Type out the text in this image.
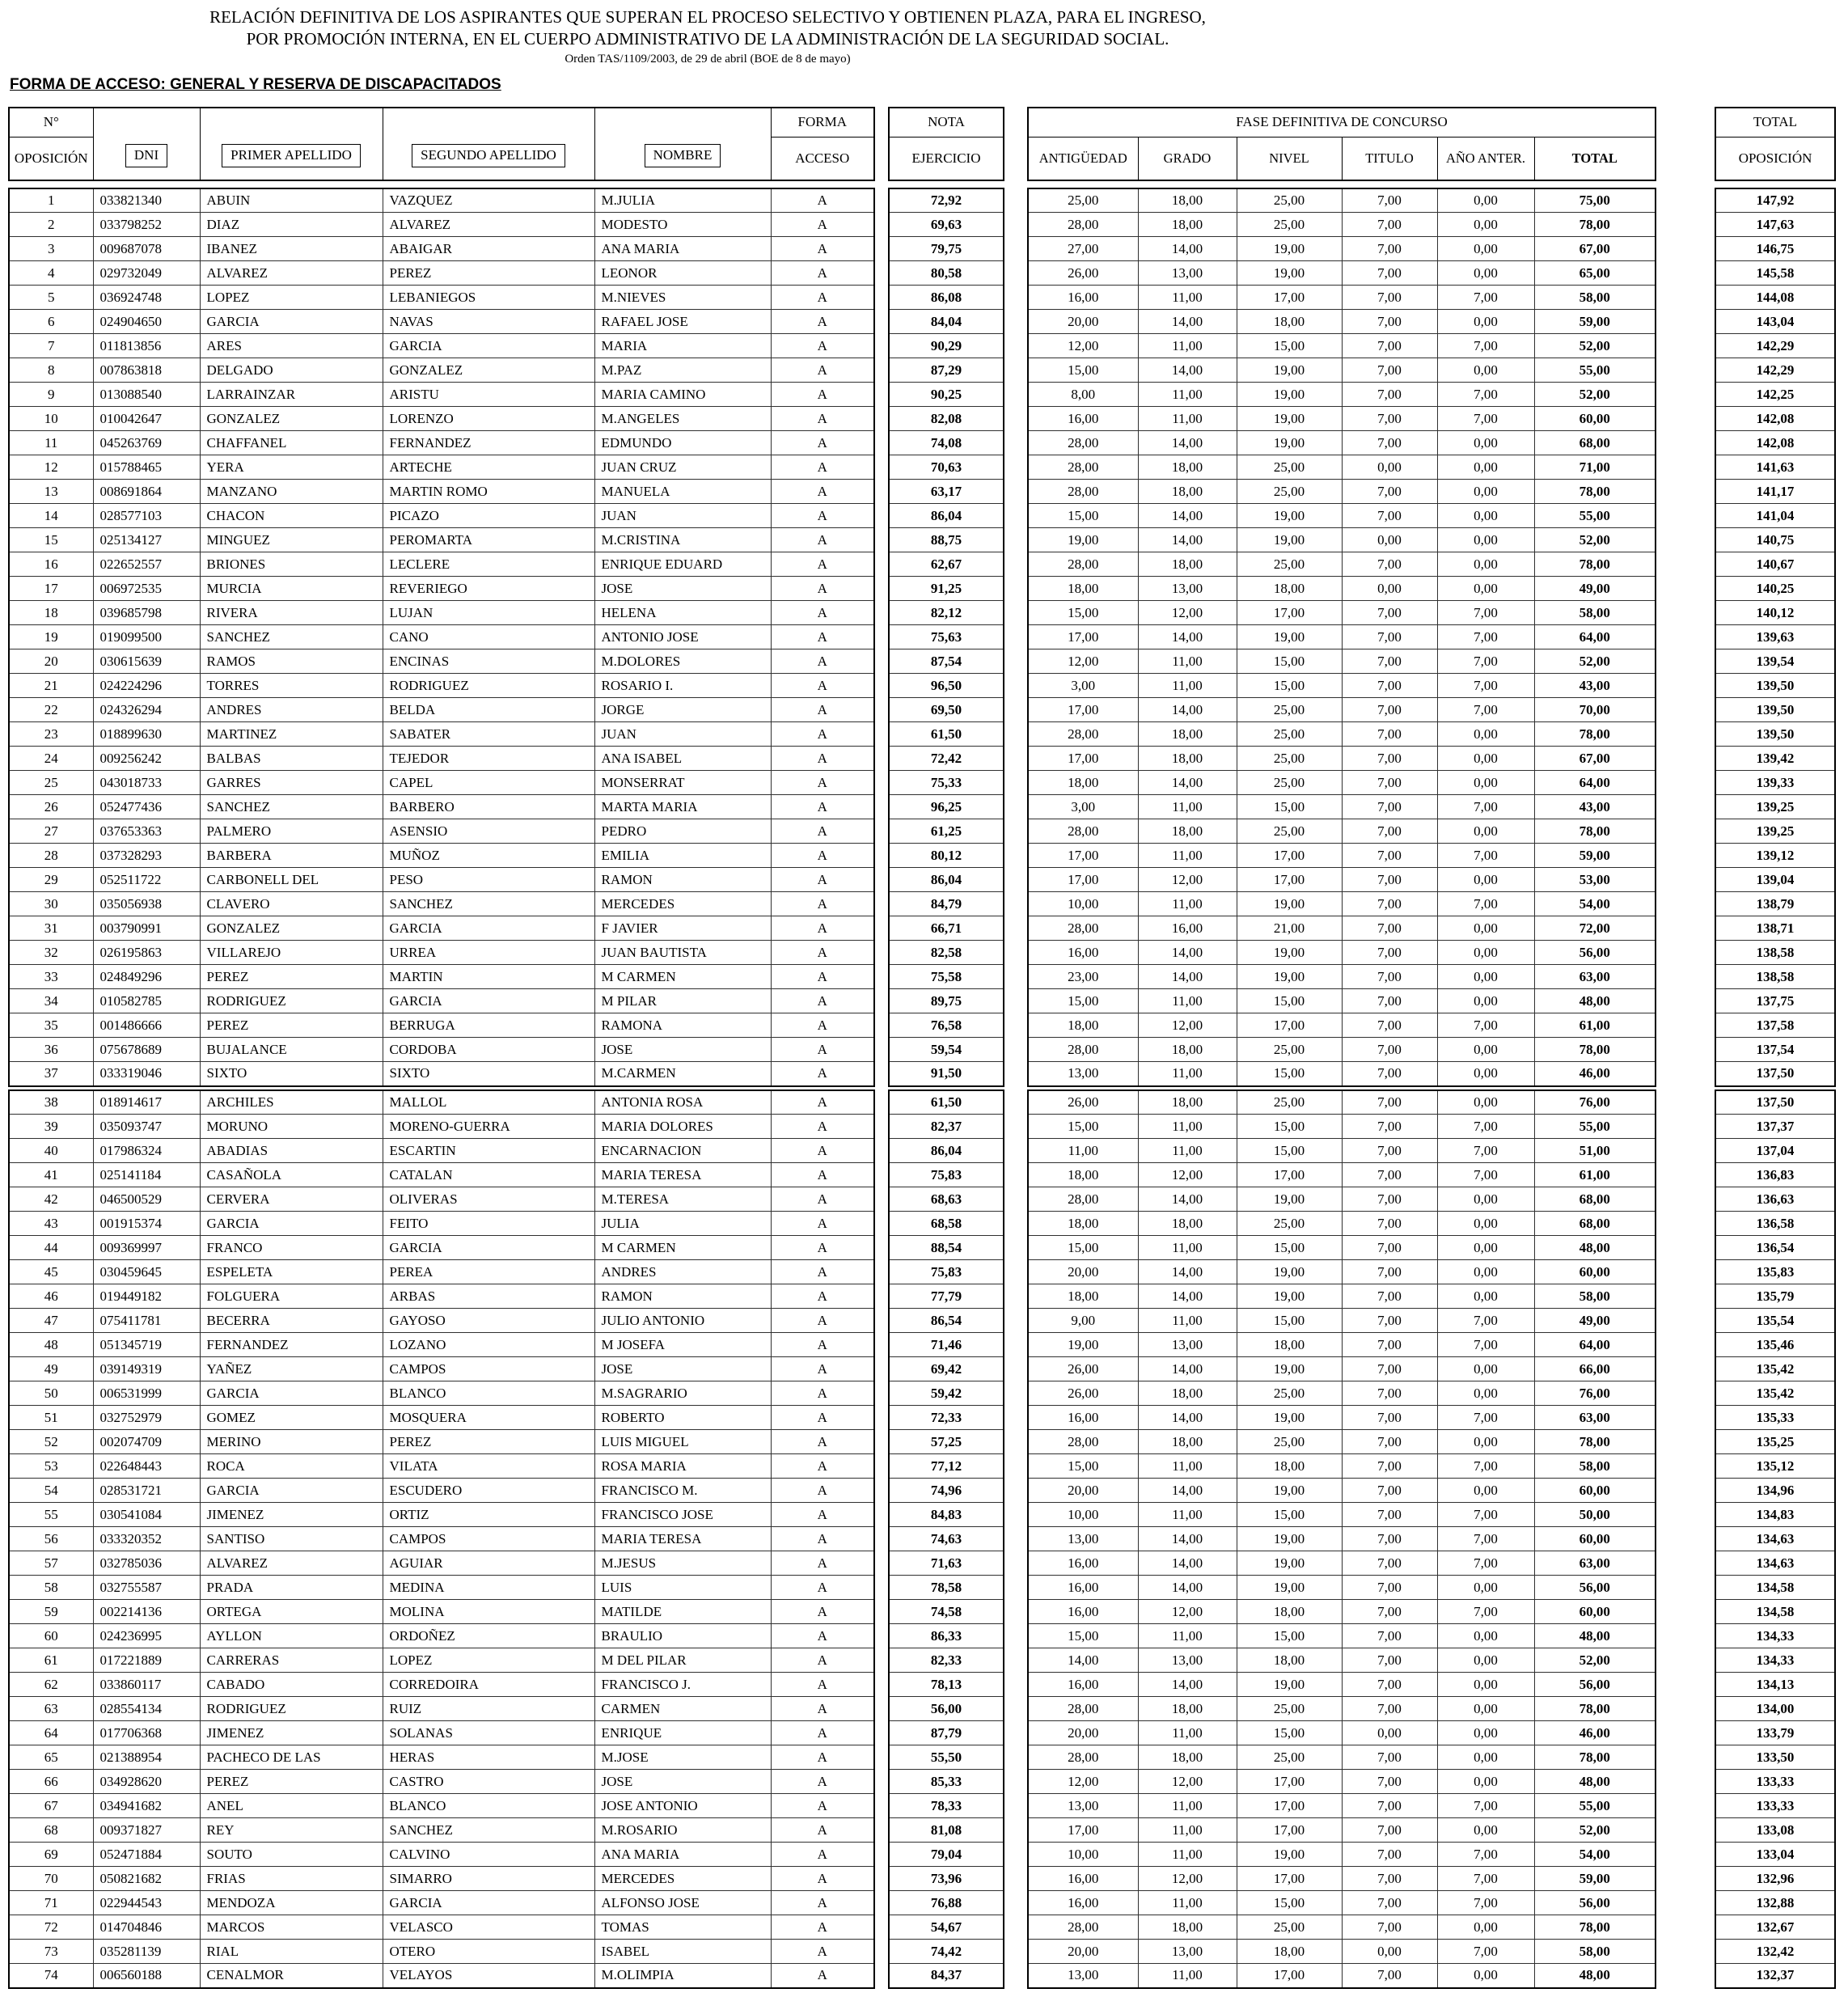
RELACIÓN DEFINITIVA DE LOS ASPIRANTES QUE SUPERAN EL PROCESO SELECTIVO Y OBTIENEN PLAZA, PARA EL INGRESO,
POR PROMOCIÓN INTERNA, EN EL CUERPO ADMINISTRATIVO DE LA ADMINISTRACIÓN DE LA SEGURIDAD SOCIAL.
Orden TAS/1109/2003, de 29 de abril (BOE de 8 de mayo)
FORMA DE ACCESO: GENERAL Y RESERVA DE DISCAPACITADOS
N°
OPOSICIÓN	DNI	PRIMER APELLIDO	SEGUNDO APELLIDO	NOMBRE

FORMA
ACCESO

NOTA
EJERCICIO
		FASE DEFINITIVA DE CONCURSO		TOTAL
OPOSICIÓN

									ANTIGÜEDAD	GRADO	NIVEL	TITULO	AÑO ANTER.	TOTAL		

1	033821340	ABUIN	VAZQUEZ	M.JULIA	A		72,92		25,00	18,00	25,00	7,00	0,00	75,00		147,92
2	033798252	DIAZ	ALVAREZ	MODESTO	A		69,63		28,00	18,00	25,00	7,00	0,00	78,00		147,63
3	009687078	IBANEZ	ABAIGAR	ANA MARIA	A		79,75		27,00	14,00	19,00	7,00	0,00	67,00		146,75
4	029732049	ALVAREZ	PEREZ	LEONOR	A		80,58		26,00	13,00	19,00	7,00	0,00	65,00		145,58
5	036924748	LOPEZ	LEBANIEGOS	M.NIEVES	A		86,08		16,00	11,00	17,00	7,00	7,00	58,00		144,08
6	024904650	GARCIA	NAVAS	RAFAEL JOSE	A		84,04		20,00	14,00	18,00	7,00	0,00	59,00		143,04
7	011813856	ARES	GARCIA	MARIA	A		90,29		12,00	11,00	15,00	7,00	7,00	52,00		142,29
8	007863818	DELGADO	GONZALEZ	M.PAZ	A		87,29		15,00	14,00	19,00	7,00	0,00	55,00		142,29
9	013088540	LARRAINZAR	ARISTU	MARIA CAMINO	A		90,25		8,00	11,00	19,00	7,00	7,00	52,00		142,25
10	010042647	GONZALEZ	LORENZO	M.ANGELES	A		82,08		16,00	11,00	19,00	7,00	7,00	60,00		142,08
11	045263769	CHAFFANEL	FERNANDEZ	EDMUNDO	A		74,08		28,00	14,00	19,00	7,00	0,00	68,00		142,08
12	015788465	YERA	ARTECHE	JUAN CRUZ	A		70,63		28,00	18,00	25,00	0,00	0,00	71,00		141,63
13	008691864	MANZANO	MARTIN ROMO	MANUELA	A		63,17		28,00	18,00	25,00	7,00	0,00	78,00		141,17
14	028577103	CHACON	PICAZO	JUAN	A		86,04		15,00	14,00	19,00	7,00	0,00	55,00		141,04
15	025134127	MINGUEZ	PEROMARTA	M.CRISTINA	A		88,75		19,00	14,00	19,00	0,00	0,00	52,00		140,75
16	022652557	BRIONES	LECLERE	ENRIQUE EDUARD	A		62,67		28,00	18,00	25,00	7,00	0,00	78,00		140,67
17	006972535	MURCIA	REVERIEGO	JOSE	A		91,25		18,00	13,00	18,00	0,00	0,00	49,00		140,25
18	039685798	RIVERA	LUJAN	HELENA	A		82,12		15,00	12,00	17,00	7,00	7,00	58,00		140,12
19	019099500	SANCHEZ	CANO	ANTONIO JOSE	A		75,63		17,00	14,00	19,00	7,00	7,00	64,00		139,63
20	030615639	RAMOS	ENCINAS	M.DOLORES	A		87,54		12,00	11,00	15,00	7,00	7,00	52,00		139,54
21	024224296	TORRES	RODRIGUEZ	ROSARIO I.	A		96,50		3,00	11,00	15,00	7,00	7,00	43,00		139,50
22	024326294	ANDRES	BELDA	JORGE	A		69,50		17,00	14,00	25,00	7,00	7,00	70,00		139,50
23	018899630	MARTINEZ	SABATER	JUAN	A		61,50		28,00	18,00	25,00	7,00	0,00	78,00		139,50
24	009256242	BALBAS	TEJEDOR	ANA ISABEL	A		72,42		17,00	18,00	25,00	7,00	0,00	67,00		139,42
25	043018733	GARRES	CAPEL	MONSERRAT	A		75,33		18,00	14,00	25,00	7,00	0,00	64,00		139,33
26	052477436	SANCHEZ	BARBERO	MARTA MARIA	A		96,25		3,00	11,00	15,00	7,00	7,00	43,00		139,25
27	037653363	PALMERO	ASENSIO	PEDRO	A		61,25		28,00	18,00	25,00	7,00	0,00	78,00		139,25
28	037328293	BARBERA	MUÑOZ	EMILIA	A		80,12		17,00	11,00	17,00	7,00	7,00	59,00		139,12
29	052511722	CARBONELL DEL	PESO	RAMON	A		86,04		17,00	12,00	17,00	7,00	0,00	53,00		139,04
30	035056938	CLAVERO	SANCHEZ	MERCEDES	A		84,79		10,00	11,00	19,00	7,00	7,00	54,00		138,79
31	003790991	GONZALEZ	GARCIA	F JAVIER	A		66,71		28,00	16,00	21,00	7,00	0,00	72,00		138,71
32	026195863	VILLAREJO	URREA	JUAN BAUTISTA	A		82,58		16,00	14,00	19,00	7,00	0,00	56,00		138,58
33	024849296	PEREZ	MARTIN	M CARMEN	A		75,58		23,00	14,00	19,00	7,00	0,00	63,00		138,58
34	010582785	RODRIGUEZ	GARCIA	M PILAR	A		89,75		15,00	11,00	15,00	7,00	0,00	48,00		137,75
35	001486666	PEREZ	BERRUGA	RAMONA	A		76,58		18,00	12,00	17,00	7,00	7,00	61,00		137,58
36	075678689	BUJALANCE	CORDOBA	JOSE	A		59,54		28,00	18,00	25,00	7,00	0,00	78,00		137,54
37	033319046	SIXTO	SIXTO	M.CARMEN	A		91,50		13,00	11,00	15,00	7,00	0,00	46,00		137,50

38	018914617	ARCHILES	MALLOL	ANTONIA ROSA	A		61,50		26,00	18,00	25,00	7,00	0,00	76,00		137,50
39	035093747	MORUNO	MORENO-GUERRA	MARIA DOLORES	A		82,37		15,00	11,00	15,00	7,00	7,00	55,00		137,37
40	017986324	ABADIAS	ESCARTIN	ENCARNACION	A		86,04		11,00	11,00	15,00	7,00	7,00	51,00		137,04
41	025141184	CASAÑOLA	CATALAN	MARIA TERESA	A		75,83		18,00	12,00	17,00	7,00	7,00	61,00		136,83
42	046500529	CERVERA	OLIVERAS	M.TERESA	A		68,63		28,00	14,00	19,00	7,00	0,00	68,00		136,63
43	001915374	GARCIA	FEITO	JULIA	A		68,58		18,00	18,00	25,00	7,00	0,00	68,00		136,58
44	009369997	FRANCO	GARCIA	M CARMEN	A		88,54		15,00	11,00	15,00	7,00	0,00	48,00		136,54
45	030459645	ESPELETA	PEREA	ANDRES	A		75,83		20,00	14,00	19,00	7,00	0,00	60,00		135,83
46	019449182	FOLGUERA	ARBAS	RAMON	A		77,79		18,00	14,00	19,00	7,00	0,00	58,00		135,79
47	075411781	BECERRA	GAYOSO	JULIO ANTONIO	A		86,54		9,00	11,00	15,00	7,00	7,00	49,00		135,54
48	051345719	FERNANDEZ	LOZANO	M JOSEFA	A		71,46		19,00	13,00	18,00	7,00	7,00	64,00		135,46
49	039149319	YAÑEZ	CAMPOS	JOSE	A		69,42		26,00	14,00	19,00	7,00	0,00	66,00		135,42
50	006531999	GARCIA	BLANCO	M.SAGRARIO	A		59,42		26,00	18,00	25,00	7,00	0,00	76,00		135,42
51	032752979	GOMEZ	MOSQUERA	ROBERTO	A		72,33		16,00	14,00	19,00	7,00	7,00	63,00		135,33
52	002074709	MERINO	PEREZ	LUIS MIGUEL	A		57,25		28,00	18,00	25,00	7,00	0,00	78,00		135,25
53	022648443	ROCA	VILATA	ROSA MARIA	A		77,12		15,00	11,00	18,00	7,00	7,00	58,00		135,12
54	028531721	GARCIA	ESCUDERO	FRANCISCO M.	A		74,96		20,00	14,00	19,00	7,00	0,00	60,00		134,96
55	030541084	JIMENEZ	ORTIZ	FRANCISCO JOSE	A		84,83		10,00	11,00	15,00	7,00	7,00	50,00		134,83
56	033320352	SANTISO	CAMPOS	MARIA TERESA	A		74,63		13,00	14,00	19,00	7,00	7,00	60,00		134,63
57	032785036	ALVAREZ	AGUIAR	M.JESUS	A		71,63		16,00	14,00	19,00	7,00	7,00	63,00		134,63
58	032755587	PRADA	MEDINA	LUIS	A		78,58		16,00	14,00	19,00	7,00	0,00	56,00		134,58
59	002214136	ORTEGA	MOLINA	MATILDE	A		74,58		16,00	12,00	18,00	7,00	7,00	60,00		134,58
60	024236995	AYLLON	ORDOÑEZ	BRAULIO	A		86,33		15,00	11,00	15,00	7,00	0,00	48,00		134,33
61	017221889	CARRERAS	LOPEZ	M DEL PILAR	A		82,33		14,00	13,00	18,00	7,00	0,00	52,00		134,33
62	033860117	CABADO	CORREDOIRA	FRANCISCO J.	A		78,13		16,00	14,00	19,00	7,00	0,00	56,00		134,13
63	028554134	RODRIGUEZ	RUIZ	CARMEN	A		56,00		28,00	18,00	25,00	7,00	0,00	78,00		134,00
64	017706368	JIMENEZ	SOLANAS	ENRIQUE	A		87,79		20,00	11,00	15,00	0,00	0,00	46,00		133,79
65	021388954	PACHECO DE LAS	HERAS	M.JOSE	A		55,50		28,00	18,00	25,00	7,00	0,00	78,00		133,50
66	034928620	PEREZ	CASTRO	JOSE	A		85,33		12,00	12,00	17,00	7,00	0,00	48,00		133,33
67	034941682	ANEL	BLANCO	JOSE ANTONIO	A		78,33		13,00	11,00	17,00	7,00	7,00	55,00		133,33
68	009371827	REY	SANCHEZ	M.ROSARIO	A		81,08		17,00	11,00	17,00	7,00	0,00	52,00		133,08
69	052471884	SOUTO	CALVINO	ANA MARIA	A		79,04		10,00	11,00	19,00	7,00	7,00	54,00		133,04
70	050821682	FRIAS	SIMARRO	MERCEDES	A		73,96		16,00	12,00	17,00	7,00	7,00	59,00		132,96
71	022944543	MENDOZA	GARCIA	ALFONSO JOSE	A		76,88		16,00	11,00	15,00	7,00	7,00	56,00		132,88
72	014704846	MARCOS	VELASCO	TOMAS	A		54,67		28,00	18,00	25,00	7,00	0,00	78,00		132,67
73	035281139	RIAL	OTERO	ISABEL	A		74,42		20,00	13,00	18,00	0,00	7,00	58,00		132,42
74	006560188	CENALMOR	VELAYOS	M.OLIMPIA	A		84,37		13,00	11,00	17,00	7,00	0,00	48,00		132,37
